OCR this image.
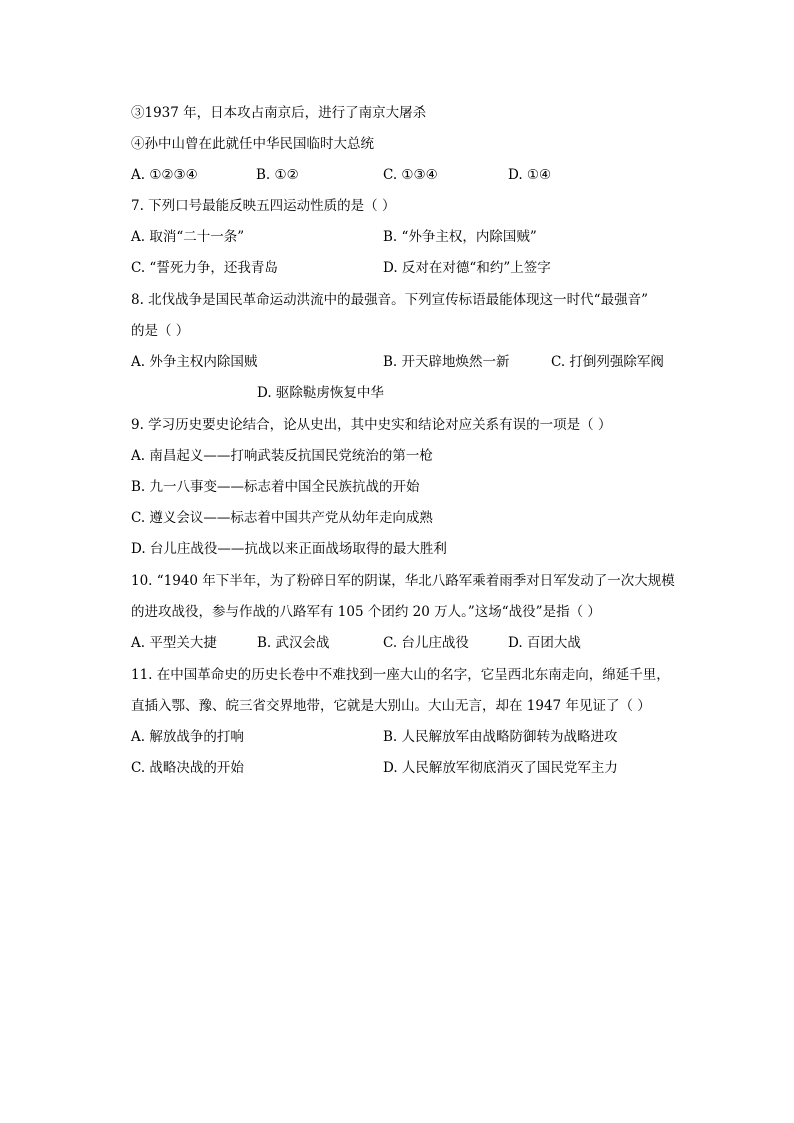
③1937 年，日本攻占南京后，进行了南京大屠杀
④孙中山曾在此就任中华民国临时大总统
A. ①②③④	B. ①②	C. ①③④	D. ①④
7. 下列口号最能反映五四运动性质的是（ ）
A. 取消“二十一条”	B. “外争主权，内除国贼”
C. “誓死力争，还我青岛	D. 反对在对德“和约”上签字
8. 北伐战争是国民革命运动洪流中的最强音。下列宣传标语最能体现这一时代“最强音”
的是（ ）
A. 外争主权内除国贼	B. 开天辟地焕然一新	C. 打倒列强除军阀
D. 驱除鞑虏恢复中华
9. 学习历史要史论结合，论从史出，其中史实和结论对应关系有误的一项是（ ）
A. 南昌起义——打响武装反抗国民党统治的第一枪
B. 九一八事变——标志着中国全民族抗战的开始
C. 遵义会议——标志着中国共产党从幼年走向成熟
D. 台儿庄战役——抗战以来正面战场取得的最大胜利
10. “1940 年下半年，为了粉碎日军的阴谋，华北八路军乘着雨季对日军发动了一次大规模
的进攻战役，参与作战的八路军有 105 个团约 20 万人。”这场“战役”是指（ ）
A. 平型关大捷	B. 武汉会战	C. 台儿庄战役	D. 百团大战
11. 在中国革命史的历史长卷中不难找到一座大山的名字，它呈西北东南走向，绵延千里，
直插入鄂、豫、皖三省交界地带，它就是大别山。大山无言，却在 1947 年见证了（ ）
A. 解放战争的打响	B. 人民解放军由战略防御转为战略进攻
C. 战略决战的开始	D. 人民解放军彻底消灭了国民党军主力
